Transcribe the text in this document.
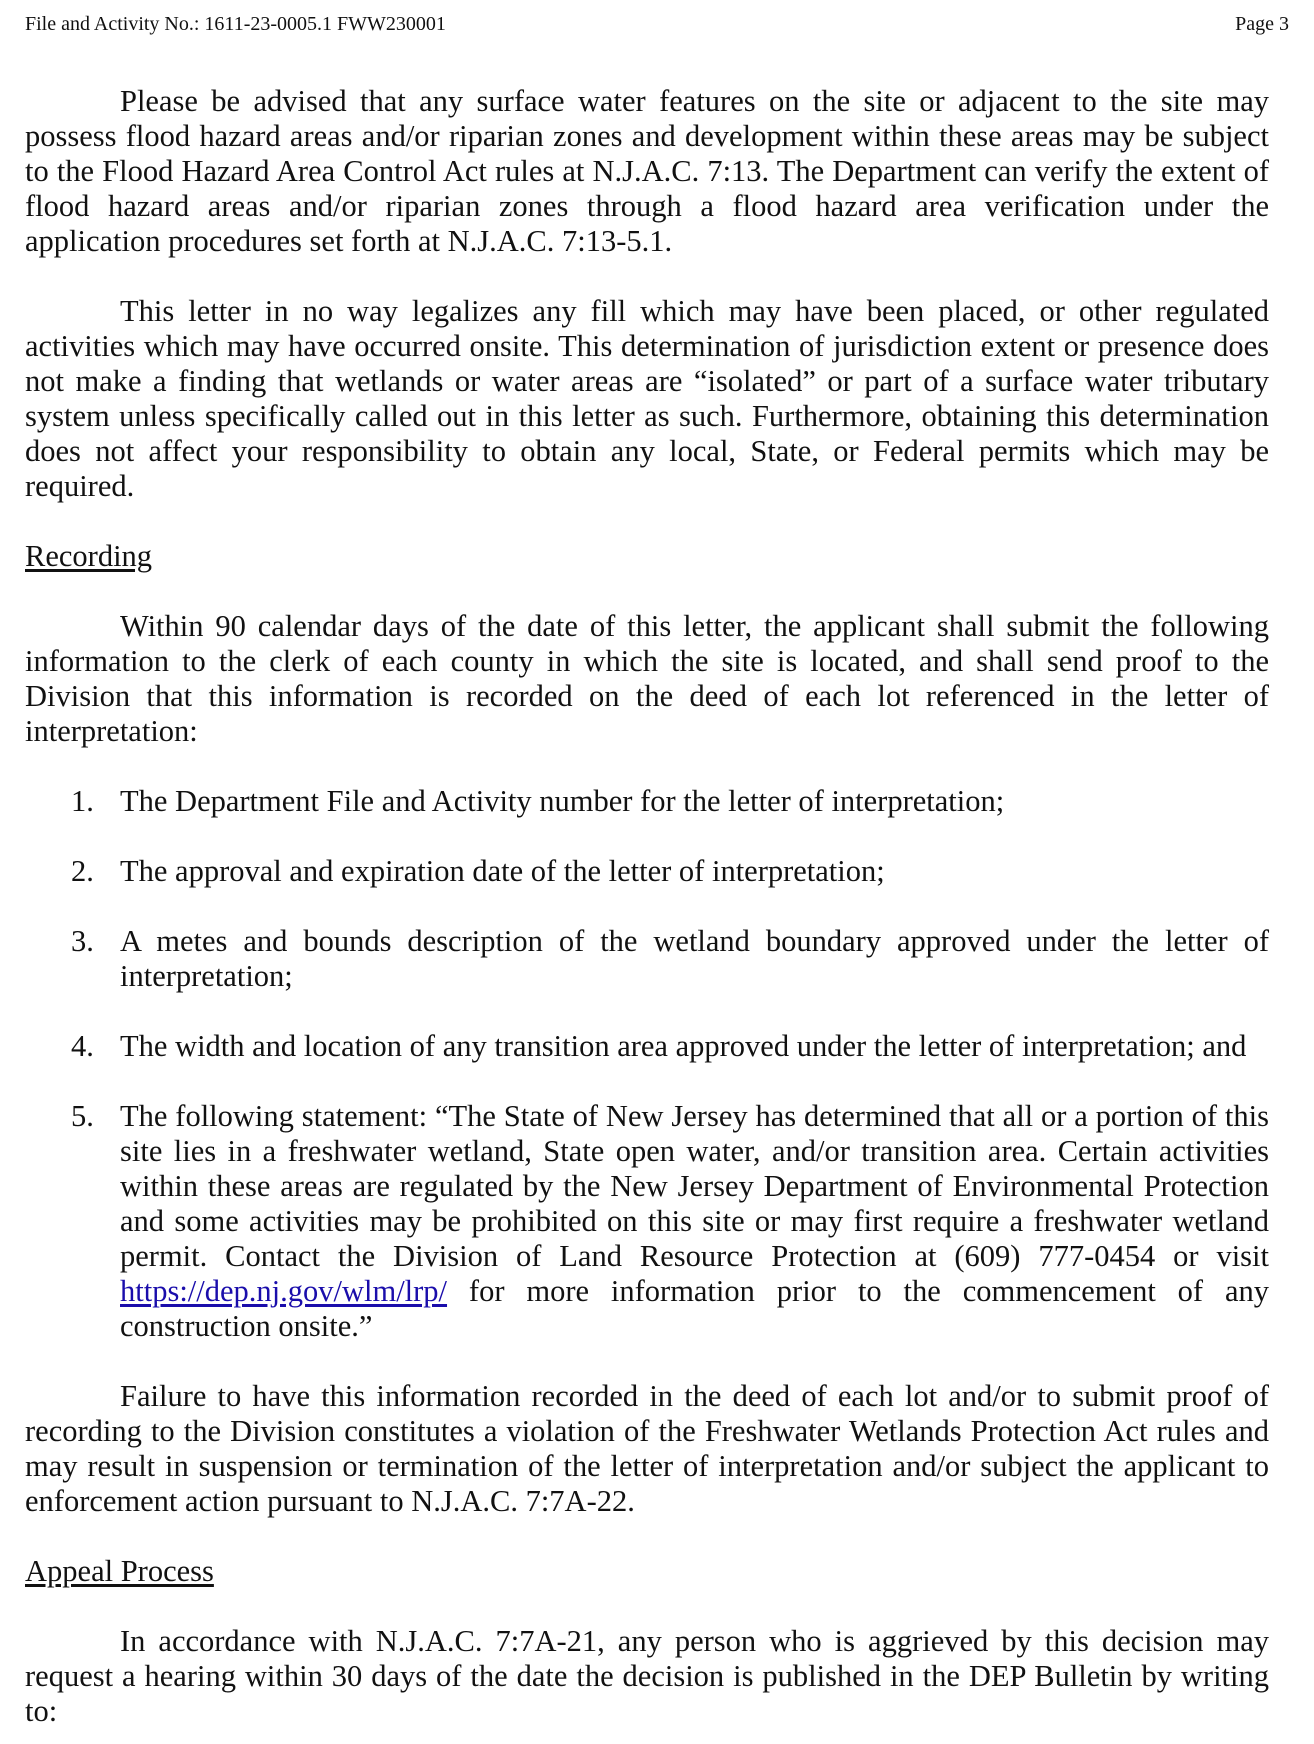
File and Activity No.: 1611-23-0005.1 FWW230001	Page 3

Please be advised that any surface water features on the site or adjacent to the site may possess flood hazard areas and/or riparian zones and development within these areas may be subject to the Flood Hazard Area Control Act rules at N.J.A.C. 7:13. The Department can verify the extent of flood hazard areas and/or riparian zones through a flood hazard area verification under the application procedures set forth at N.J.A.C. 7:13-5.1.

This letter in no way legalizes any fill which may have been placed, or other regulated activities which may have occurred onsite. This determination of jurisdiction extent or presence does not make a finding that wetlands or water areas are “isolated” or part of a surface water tributary system unless specifically called out in this letter as such. Furthermore, obtaining this determination does not affect your responsibility to obtain any local, State, or Federal permits which may be required.

Recording

Within 90 calendar days of the date of this letter, the applicant shall submit the following information to the clerk of each county in which the site is located, and shall send proof to the Division that this information is recorded on the deed of each lot referenced in the letter of interpretation:

1. The Department File and Activity number for the letter of interpretation;
2. The approval and expiration date of the letter of interpretation;
3. A metes and bounds description of the wetland boundary approved under the letter of interpretation;
4. The width and location of any transition area approved under the letter of interpretation; and
5. The following statement: “The State of New Jersey has determined that all or a portion of this site lies in a freshwater wetland, State open water, and/or transition area. Certain activities within these areas are regulated by the New Jersey Department of Environmental Protection and some activities may be prohibited on this site or may first require a freshwater wetland permit. Contact the Division of Land Resource Protection at (609) 777-0454 or visit https://dep.nj.gov/wlm/lrp/ for more information prior to the commencement of any construction onsite.”

Failure to have this information recorded in the deed of each lot and/or to submit proof of recording to the Division constitutes a violation of the Freshwater Wetlands Protection Act rules and may result in suspension or termination of the letter of interpretation and/or subject the applicant to enforcement action pursuant to N.J.A.C. 7:7A-22.

Appeal Process

In accordance with N.J.A.C. 7:7A-21, any person who is aggrieved by this decision may request a hearing within 30 days of the date the decision is published in the DEP Bulletin by writing to:
